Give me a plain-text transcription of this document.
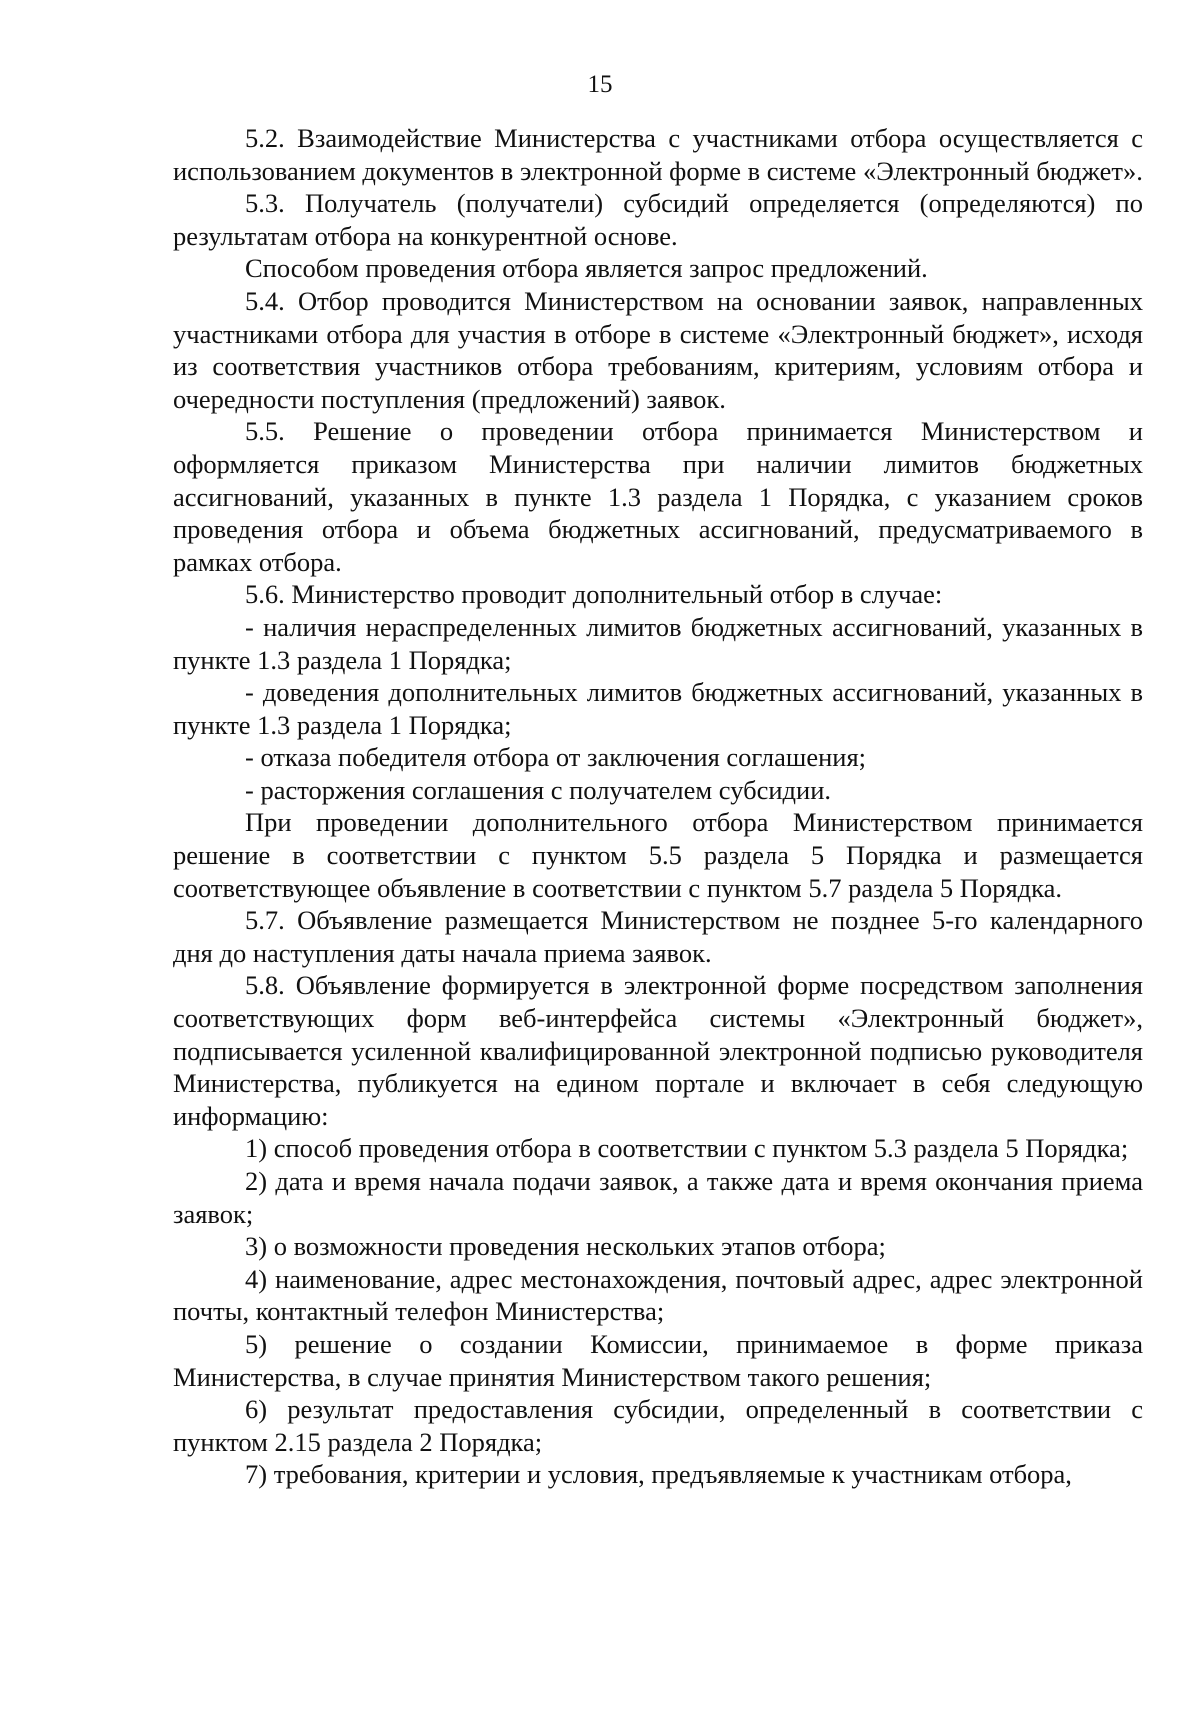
15

5.2. Взаимодействие Министерства с участниками отбора осуществляется с использованием документов в электронной форме в системе «Электронный бюджет».

5.3. Получатель (получатели) субсидий определяется (определяются) по результатам отбора на конкурентной основе.

Способом проведения отбора является запрос предложений.

5.4. Отбор проводится Министерством на основании заявок, направленных участниками отбора для участия в отборе в системе «Электронный бюджет», исходя из соответствия участников отбора требованиям, критериям, условиям отбора и очередности поступления (предложений) заявок.

5.5. Решение о проведении отбора принимается Министерством и оформляется приказом Министерства при наличии лимитов бюджетных ассигнований, указанных в пункте 1.3 раздела 1 Порядка, с указанием сроков проведения отбора и объема бюджетных ассигнований, предусматриваемого в рамках отбора.

5.6. Министерство проводит дополнительный отбор в случае:

- наличия нераспределенных лимитов бюджетных ассигнований, указанных в пункте 1.3 раздела 1 Порядка;

- доведения дополнительных лимитов бюджетных ассигнований, указанных в пункте 1.3 раздела 1 Порядка;

- отказа победителя отбора от заключения соглашения;

- расторжения соглашения с получателем субсидии.

При проведении дополнительного отбора Министерством принимается решение в соответствии с пунктом 5.5 раздела 5 Порядка и размещается соответствующее объявление в соответствии с пунктом 5.7 раздела 5 Порядка.

5.7. Объявление размещается Министерством не позднее 5-го календарного дня до наступления даты начала приема заявок.

5.8. Объявление формируется в электронной форме посредством заполнения соответствующих форм веб-интерфейса системы «Электронный бюджет», подписывается усиленной квалифицированной электронной подписью руководителя Министерства, публикуется на едином портале и включает в себя следующую информацию:

1) способ проведения отбора в соответствии с пунктом 5.3 раздела 5 Порядка;

2) дата и время начала подачи заявок, а также дата и время окончания приема заявок;

3) о возможности проведения нескольких этапов отбора;

4) наименование, адрес местонахождения, почтовый адрес, адрес электронной почты, контактный телефон Министерства;

5) решение о создании Комиссии, принимаемое в форме приказа Министерства, в случае принятия Министерством такого решения;

6) результат предоставления субсидии, определенный в соответствии с пунктом 2.15 раздела 2 Порядка;

7) требования, критерии и условия, предъявляемые к участникам отбора,
